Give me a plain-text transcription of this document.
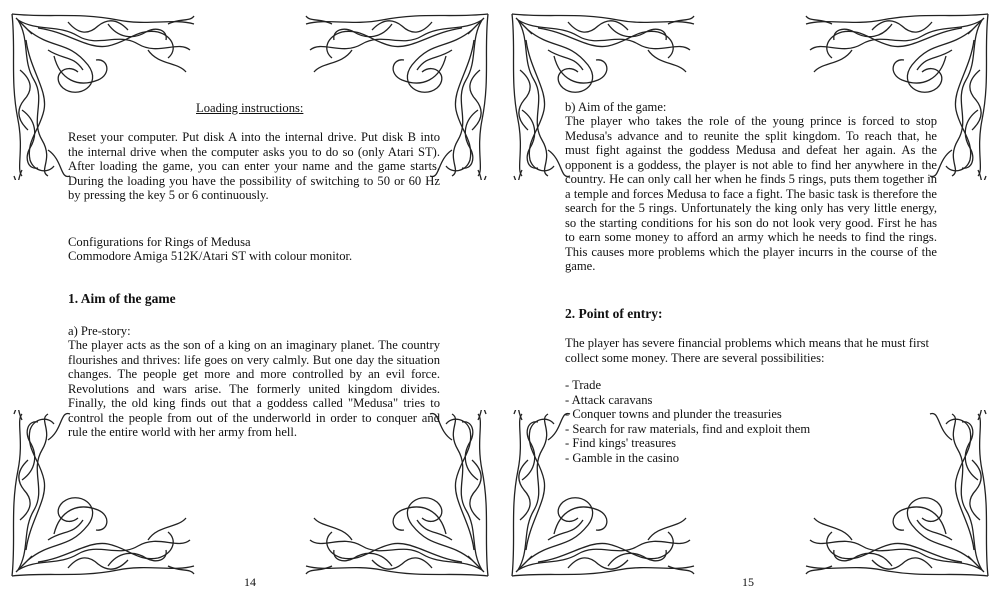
Loading instructions:
Reset your computer. Put disk A into the internal drive. Put disk B into the internal drive when the computer asks you to do so (only Atari ST). After loading the game, you can enter your name and the game starts. During the loading you have the possibility of switching to 50 or 60 Hz by pressing the key 5 or 6 continuously.
Configurations for Rings of Medusa
Commodore Amiga 512K/Atari ST with colour monitor.
1. Aim of the game
a) Pre-story:
The player acts as the son of a king on an imaginary planet. The country flourishes and thrives: life goes on very calmly. But one day the situation changes. The people get more and more controlled by an evil force. Revolutions and wars arise. The formerly united kingdom divides. Finally, the old king finds out that a goddess called "Medusa" tries to control the people from out of the underworld in order to conquer and rule the entire world with her army from hell.
14
b) Aim of the game:
The player who takes the role of the young prince is forced to stop Medusa's advance and to reunite the split kingdom. To reach that, he must fight against the goddess Medusa and defeat her again. As the opponent is a goddess, the player is not able to find her anywhere in the country. He can only call her when he finds 5 rings, puts them together in a temple and forces Medusa to face a fight. The basic task is therefore the search for the 5 rings. Unfortunately the king only has very little energy, so the starting conditions for his son do not look very good. First he has to earn some money to afford an army which he needs to find the rings. This causes more problems which the player incurrs in the course of the game.
2. Point of entry:
The player has severe financial problems which means that he must first collect some money. There are several possibilities:
- Trade
- Attack caravans
- Conquer towns and plunder the treasuries
- Search for raw materials, find and exploit them
- Find kings' treasures
- Gamble in the casino
15
